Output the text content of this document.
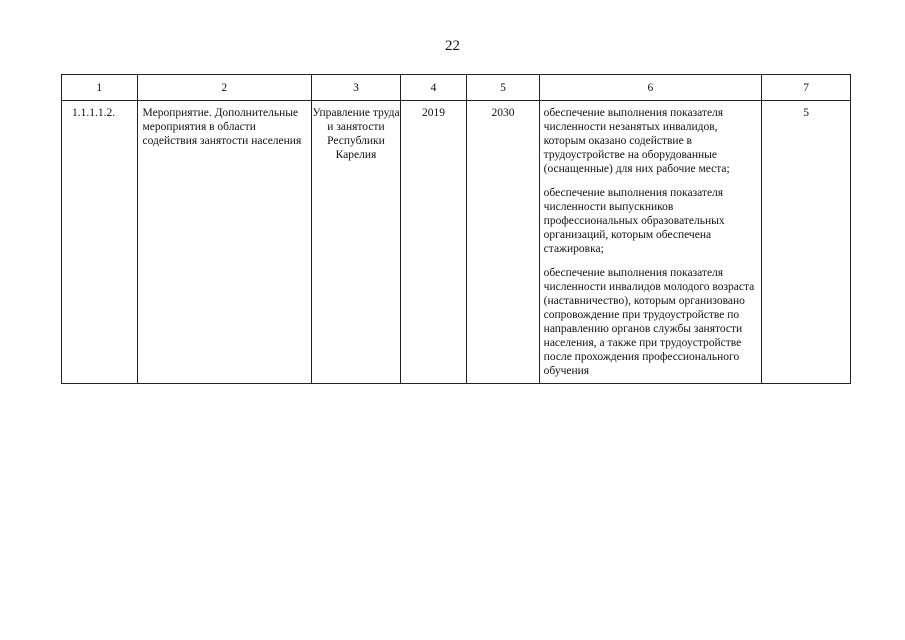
22
1	2	3	4	5	6	7
1.1.1.1.2.	Мероприятие. Дополнительные мероприятия в области содействия занятости населения	Управление труда и занятости Республики Карелия	2019	2030	обеспечение выполнения показателя численности незанятых инвалидов, которым оказано содействие в трудоустройстве на оборудованные (оснащенные) для них рабочие места;
обеспечение выполнения показателя численности выпускников профессиональных образовательных организаций, которым обеспечена стажировка;
обеспечение выполнения показателя численности инвалидов молодого возраста (наставничество), которым организовано сопровождение при трудоустройстве по направлению органов службы занятости населения, а также при трудоустройстве после прохождения профессионального обучения	5
